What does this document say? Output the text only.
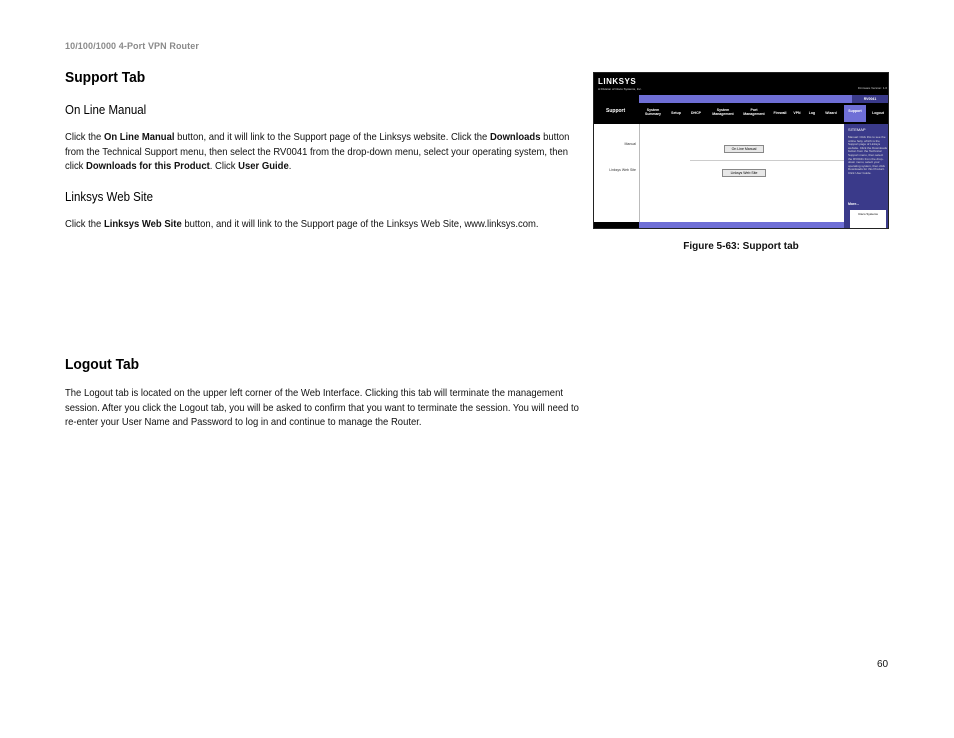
10/100/1000 4-Port VPN Router
Support Tab
On Line Manual
Click the On Line Manual button, and it will link to the Support page of the Linksys website. Click the Downloads button from the Technical Support menu, then select the RV0041 from the drop-down menu, select your operating system, then click Downloads for this Product. Click User Guide.
Linksys Web Site
Click the Linksys Web Site button, and it will link to the Support page of the Linksys Web Site, www.linksys.com.
LINKSYS
A Division of Cisco Systems, Inc.	Firmware Version: 1.0
RV0041
Support	System Summary	Setup	DHCP
System Management
Port Management	Firewall	VPN	Log	Wizard	Support	Logout
Manual
Linksys Web Site
On Line Manual
Linksys Web Site
SITEMAP
Manual: Click this to see the online help, which is the Support page of Linksys website. Click the Downloads button from the Technical Support menu, then select the RV0041 from the drop-down menu, select your operating system, then click Downloads for this Product. Click User Guide.
More...
Cisco Systems
Figure 5-63: Support tab
Logout Tab
The Logout tab is located on the upper left corner of the Web Interface. Clicking this tab will terminate the management session. After you click the Logout tab, you will be asked to confirm that you want to terminate the session. You will need to re-enter your User Name and Password to log in and continue to manage the Router.
60
